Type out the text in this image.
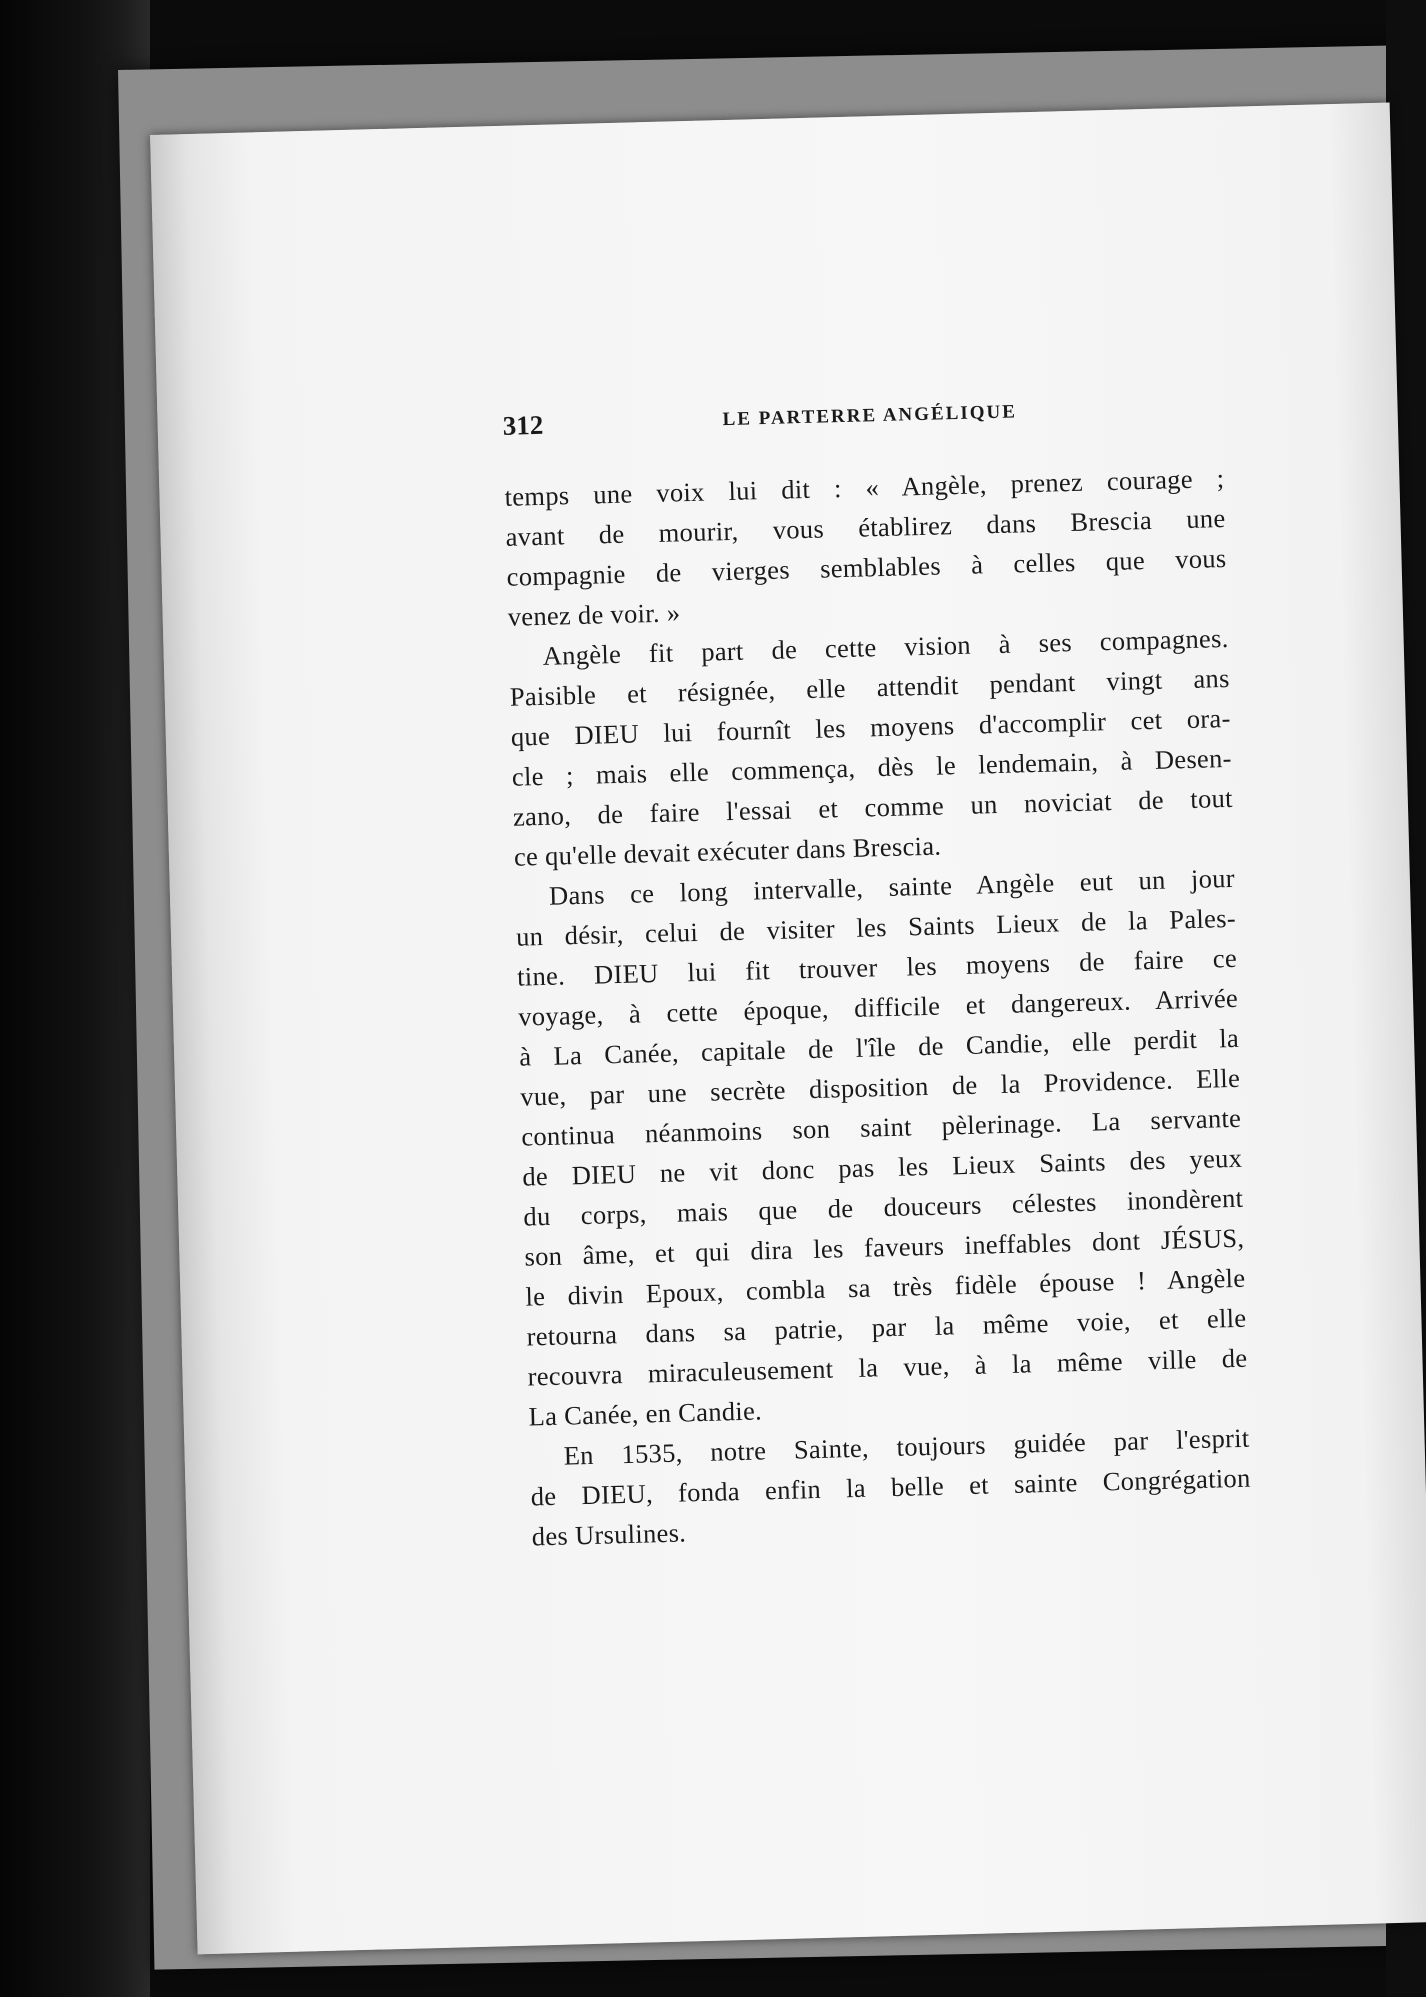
312	LE PARTERRE ANGÉLIQUE

temps une voix lui dit : « Angèle, prenez courage ;
avant de mourir, vous établirez dans Brescia une
compagnie de vierges semblables à celles que vous
venez de voir. »

Angèle fit part de cette vision à ses compagnes.
Paisible et résignée, elle attendit pendant vingt ans
que DIEU lui fournît les moyens d'accomplir cet ora-
cle ; mais elle commença, dès le lendemain, à Desen-
zano, de faire l'essai et comme un noviciat de tout
ce qu'elle devait exécuter dans Brescia.

Dans ce long intervalle, sainte Angèle eut un jour
un désir, celui de visiter les Saints Lieux de la Pales-
tine. DIEU lui fit trouver les moyens de faire ce
voyage, à cette époque, difficile et dangereux. Arrivée
à La Canée, capitale de l'île de Candie, elle perdit la
vue, par une secrète disposition de la Providence. Elle
continua néanmoins son saint pèlerinage. La servante
de DIEU ne vit donc pas les Lieux Saints des yeux
du corps, mais que de douceurs célestes inondèrent
son âme, et qui dira les faveurs ineffables dont JÉSUS,
le divin Epoux, combla sa très fidèle épouse ! Angèle
retourna dans sa patrie, par la même voie, et elle
recouvra miraculeusement la vue, à la même ville de
La Canée, en Candie.

En 1535, notre Sainte, toujours guidée par l'esprit
de DIEU, fonda enfin la belle et sainte Congrégation
des Ursulines.
